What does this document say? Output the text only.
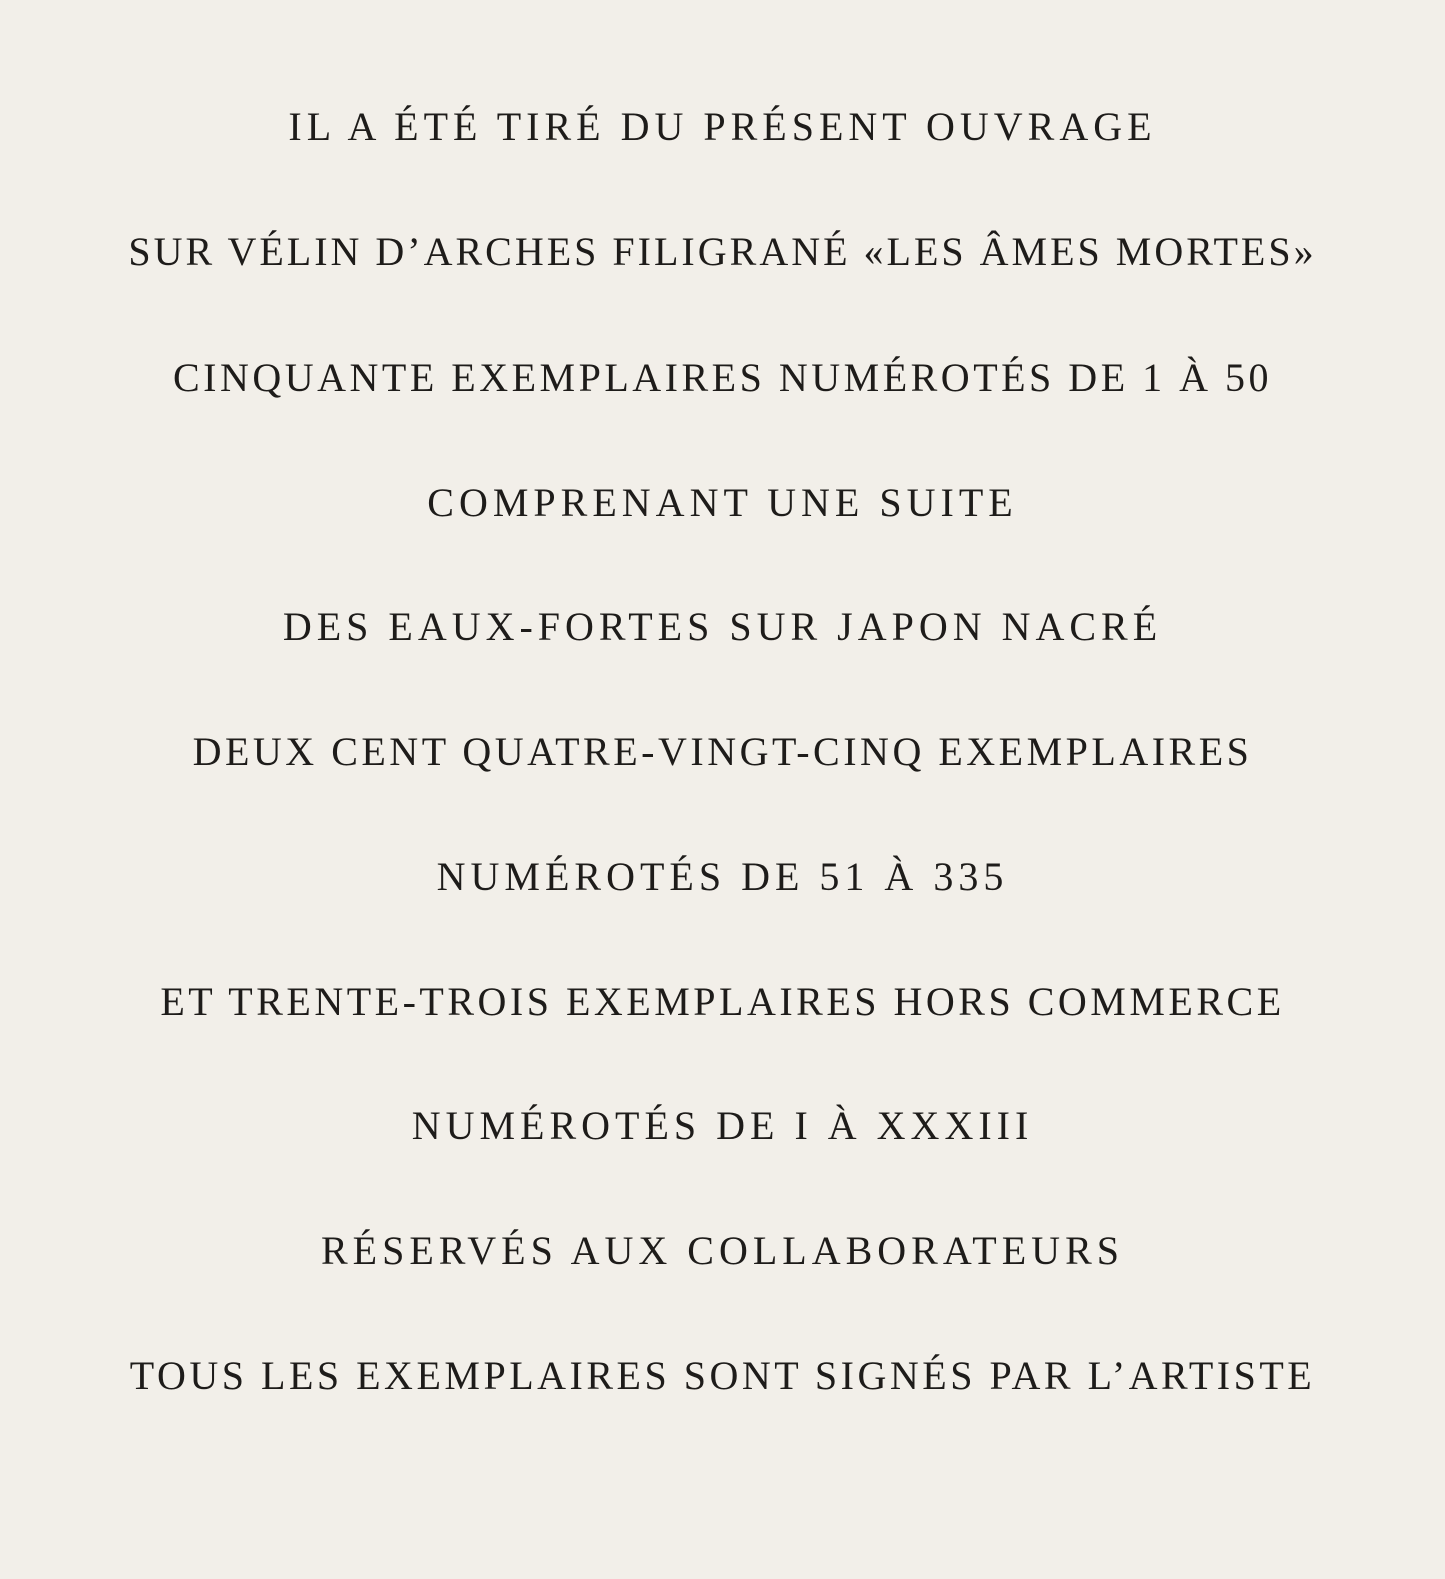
IL A ÉTÉ TIRÉ DU PRÉSENT OUVRAGE
SUR VÉLIN D’ARCHES FILIGRANÉ «LES ÂMES MORTES»
CINQUANTE EXEMPLAIRES NUMÉROTÉS DE 1 À 50
COMPRENANT UNE SUITE
DES EAUX-FORTES SUR JAPON NACRÉ
DEUX CENT QUATRE-VINGT-CINQ EXEMPLAIRES
NUMÉROTÉS DE 51 À 335
ET TRENTE-TROIS EXEMPLAIRES HORS COMMERCE
NUMÉROTÉS DE I À XXXIII
RÉSERVÉS AUX COLLABORATEURS
TOUS LES EXEMPLAIRES SONT SIGNÉS PAR L’ARTISTE
